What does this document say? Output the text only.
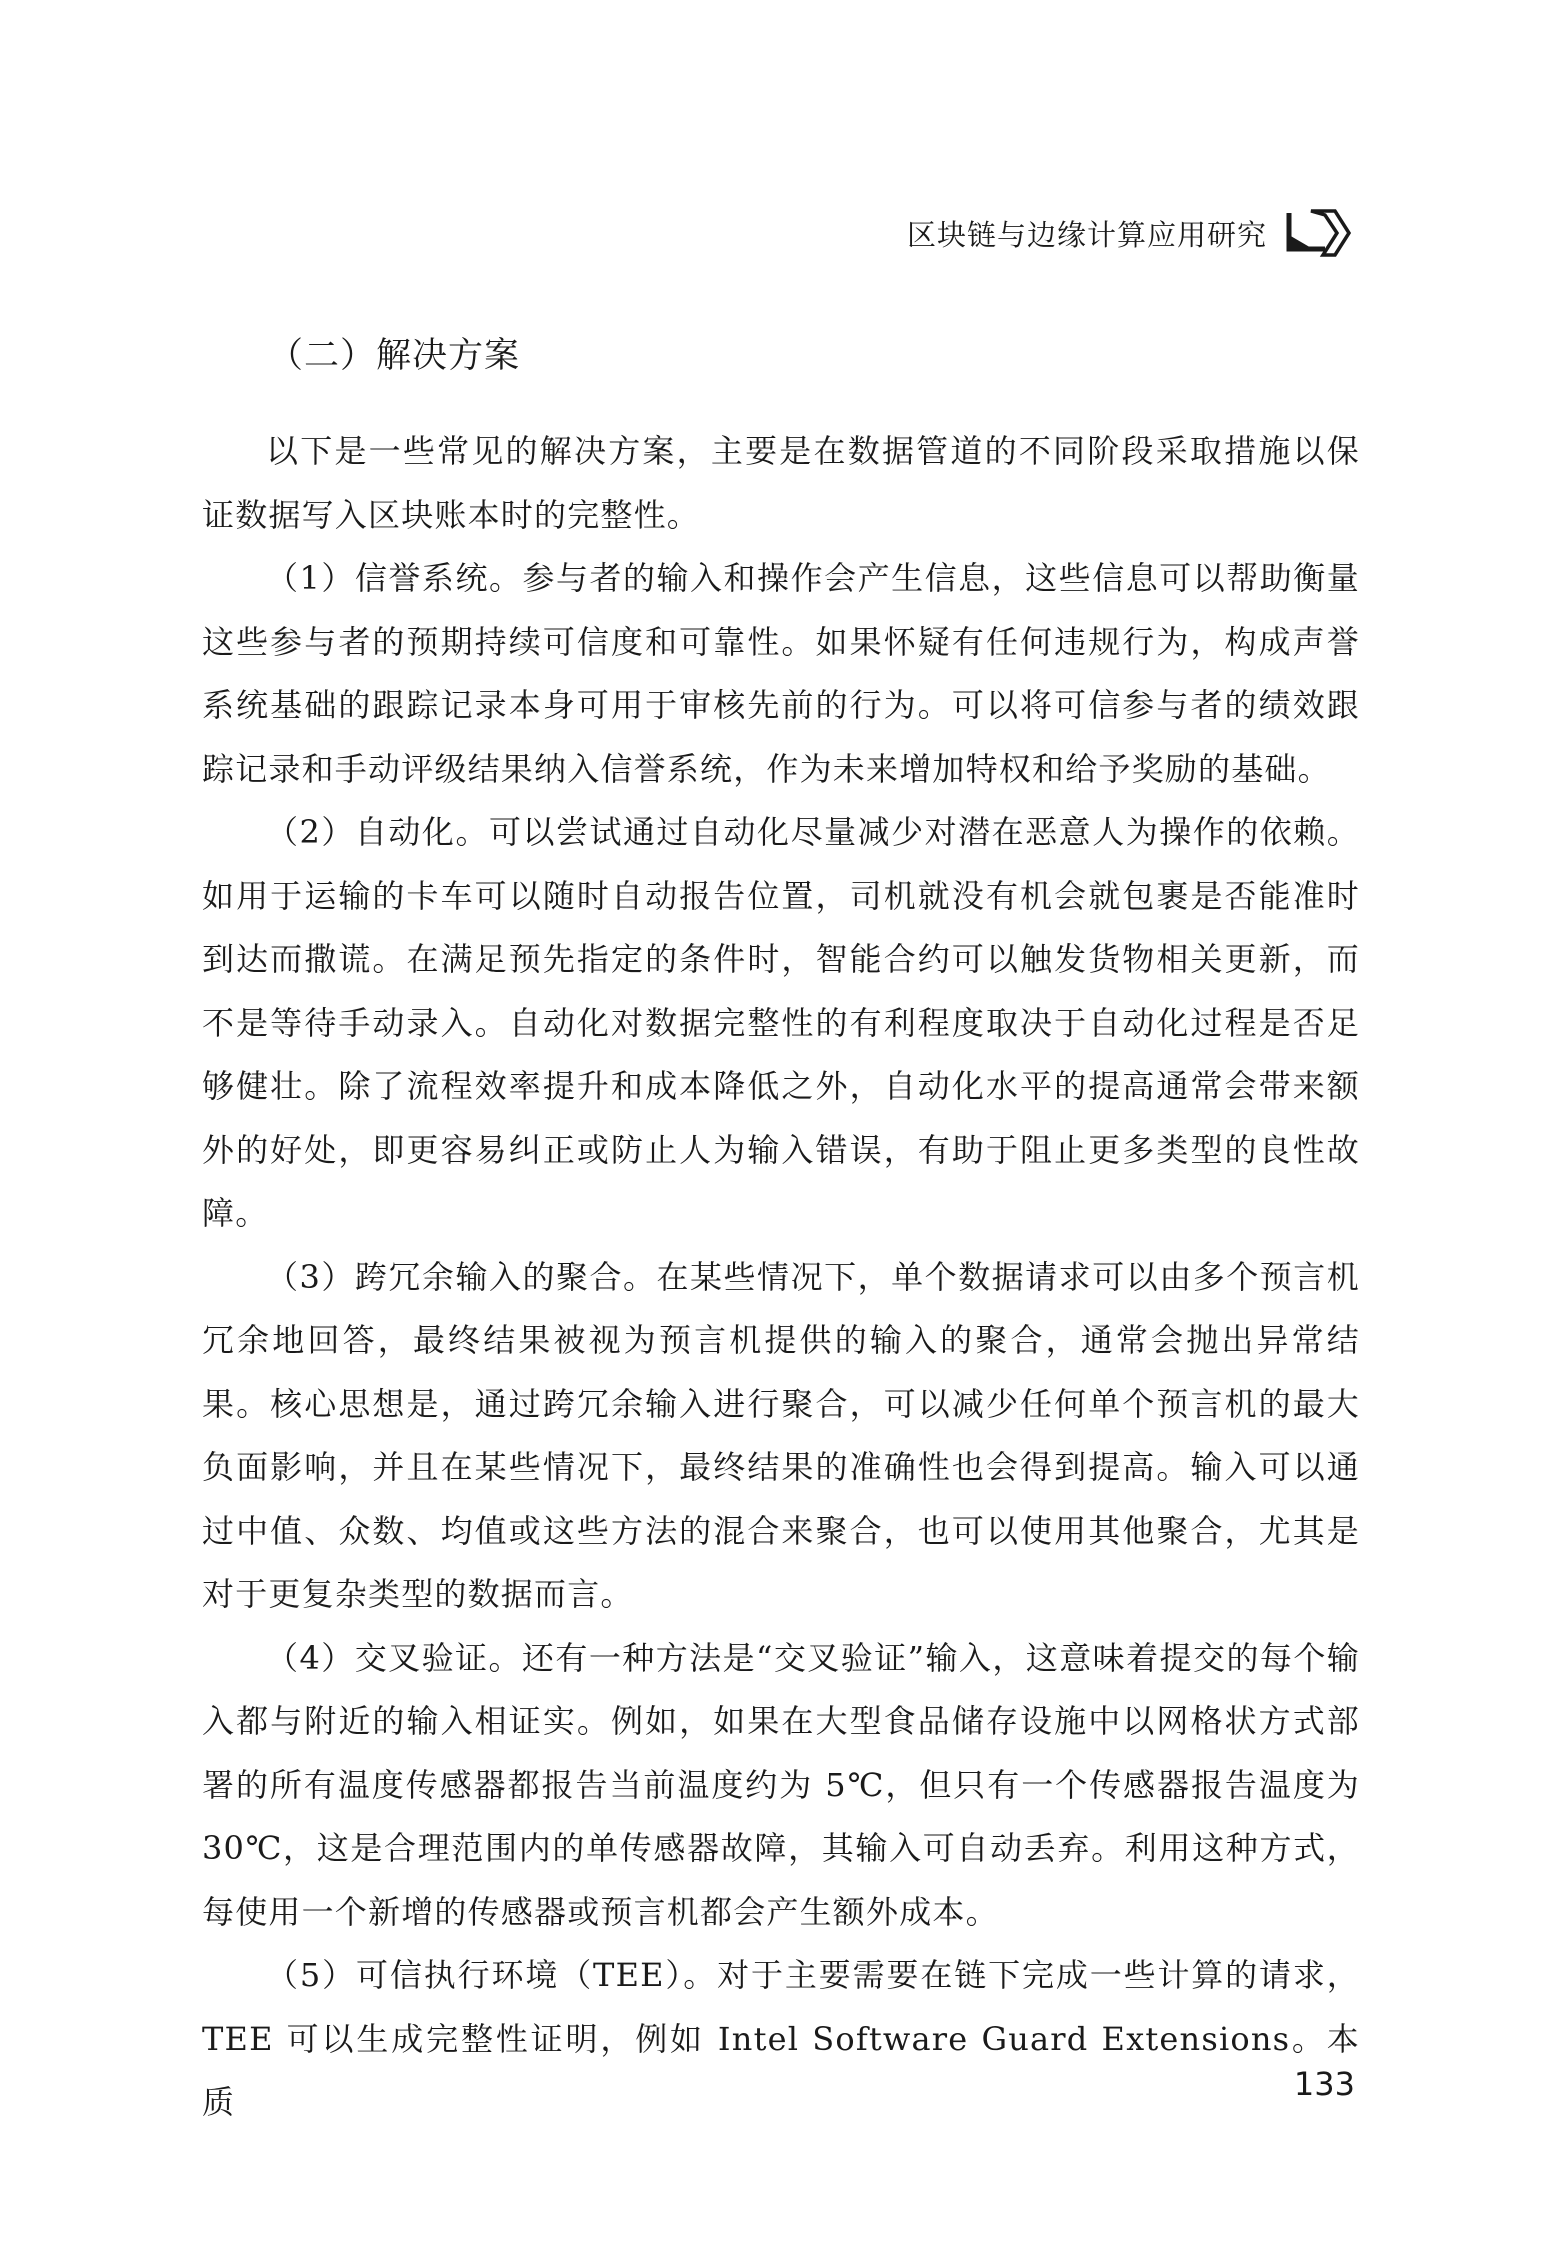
区块链与边缘计算应用研究
（二）解决方案

以下是一些常见的解决方案，主要是在数据管道的不同阶段采取措施以保证数据写入区块账本时的完整性。

（1）信誉系统。参与者的输入和操作会产生信息，这些信息可以帮助衡量这些参与者的预期持续可信度和可靠性。如果怀疑有任何违规行为，构成声誉系统基础的跟踪记录本身可用于审核先前的行为。可以将可信参与者的绩效跟踪记录和手动评级结果纳入信誉系统，作为未来增加特权和给予奖励的基础。

（2）自动化。可以尝试通过自动化尽量减少对潜在恶意人为操作的依赖。如用于运输的卡车可以随时自动报告位置，司机就没有机会就包裹是否能准时到达而撒谎。在满足预先指定的条件时，智能合约可以触发货物相关更新，而不是等待手动录入。自动化对数据完整性的有利程度取决于自动化过程是否足够健壮。除了流程效率提升和成本降低之外，自动化水平的提高通常会带来额外的好处，即更容易纠正或防止人为输入错误，有助于阻止更多类型的良性故障。

（3）跨冗余输入的聚合。在某些情况下，单个数据请求可以由多个预言机冗余地回答，最终结果被视为预言机提供的输入的聚合，通常会抛出异常结果。核心思想是，通过跨冗余输入进行聚合，可以减少任何单个预言机的最大负面影响，并且在某些情况下，最终结果的准确性也会得到提高。输入可以通过中值、众数、均值或这些方法的混合来聚合，也可以使用其他聚合，尤其是对于更复杂类型的数据而言。

（4）交叉验证。还有一种方法是“交叉验证”输入，这意味着提交的每个输入都与附近的输入相证实。例如，如果在大型食品储存设施中以网格状方式部署的所有温度传感器都报告当前温度约为 5℃，但只有一个传感器报告温度为 30℃，这是合理范围内的单传感器故障，其输入可自动丢弃。利用这种方式，每使用一个新增的传感器或预言机都会产生额外成本。

（5）可信执行环境（TEE）。对于主要需要在链下完成一些计算的请求，TEE 可以生成完整性证明，例如 Intel Software Guard Extensions。本质	133
